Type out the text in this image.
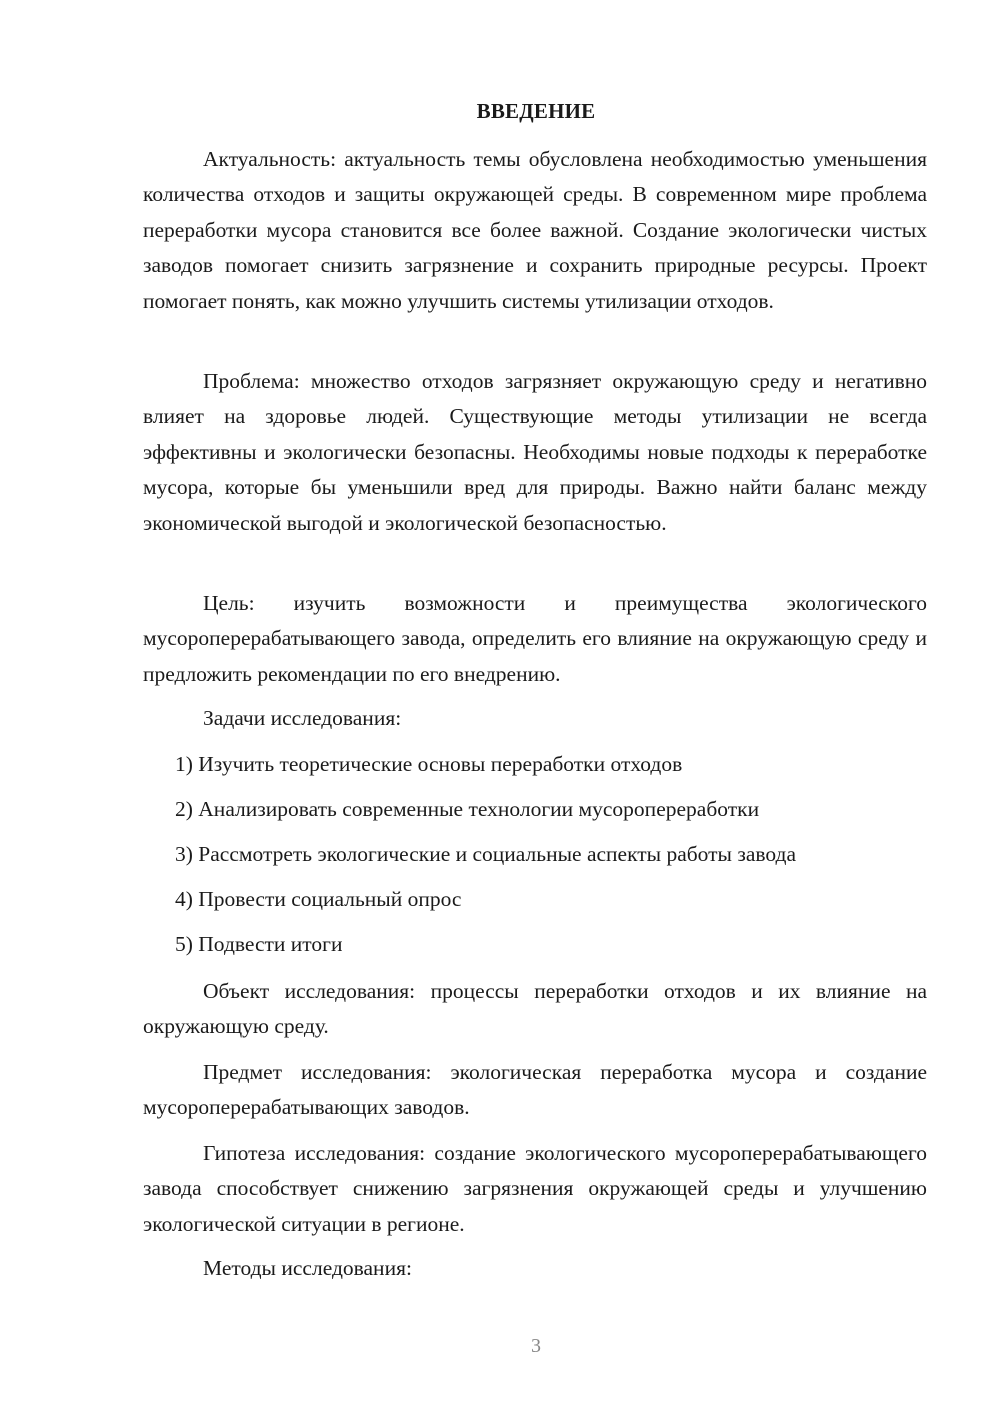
ВВЕДЕНИЕ

Актуальность: актуальность темы обусловлена необходимостью уменьшения количества отходов и защиты окружающей среды. В современном мире проблема переработки мусора становится все более важной. Создание экологически чистых заводов помогает снизить загрязнение и сохранить природные ресурсы. Проект помогает понять, как можно улучшить системы утилизации отходов.

Проблема: множество отходов загрязняет окружающую среду и негативно влияет на здоровье людей. Существующие методы утилизации не всегда эффективны и экологически безопасны. Необходимы новые подходы к переработке мусора, которые бы уменьшили вред для природы. Важно найти баланс между экономической выгодой и экологической безопасностью.

Цель: изучить возможности и преимущества экологического мусороперерабатывающего завода, определить его влияние на окружающую среду и предложить рекомендации по его внедрению.

Задачи исследования:

1) Изучить теоретические основы переработки отходов

2) Анализировать современные технологии мусоропереработки

3) Рассмотреть экологические и социальные аспекты работы завода

4) Провести социальный опрос

5) Подвести итоги

Объект исследования: процессы переработки отходов и их влияние на окружающую среду.

Предмет исследования: экологическая переработка мусора и создание мусороперерабатывающих заводов.

Гипотеза исследования: создание экологического мусороперерабатывающего завода способствует снижению загрязнения окружающей среды и улучшению экологической ситуации в регионе.

Методы исследования:

3
